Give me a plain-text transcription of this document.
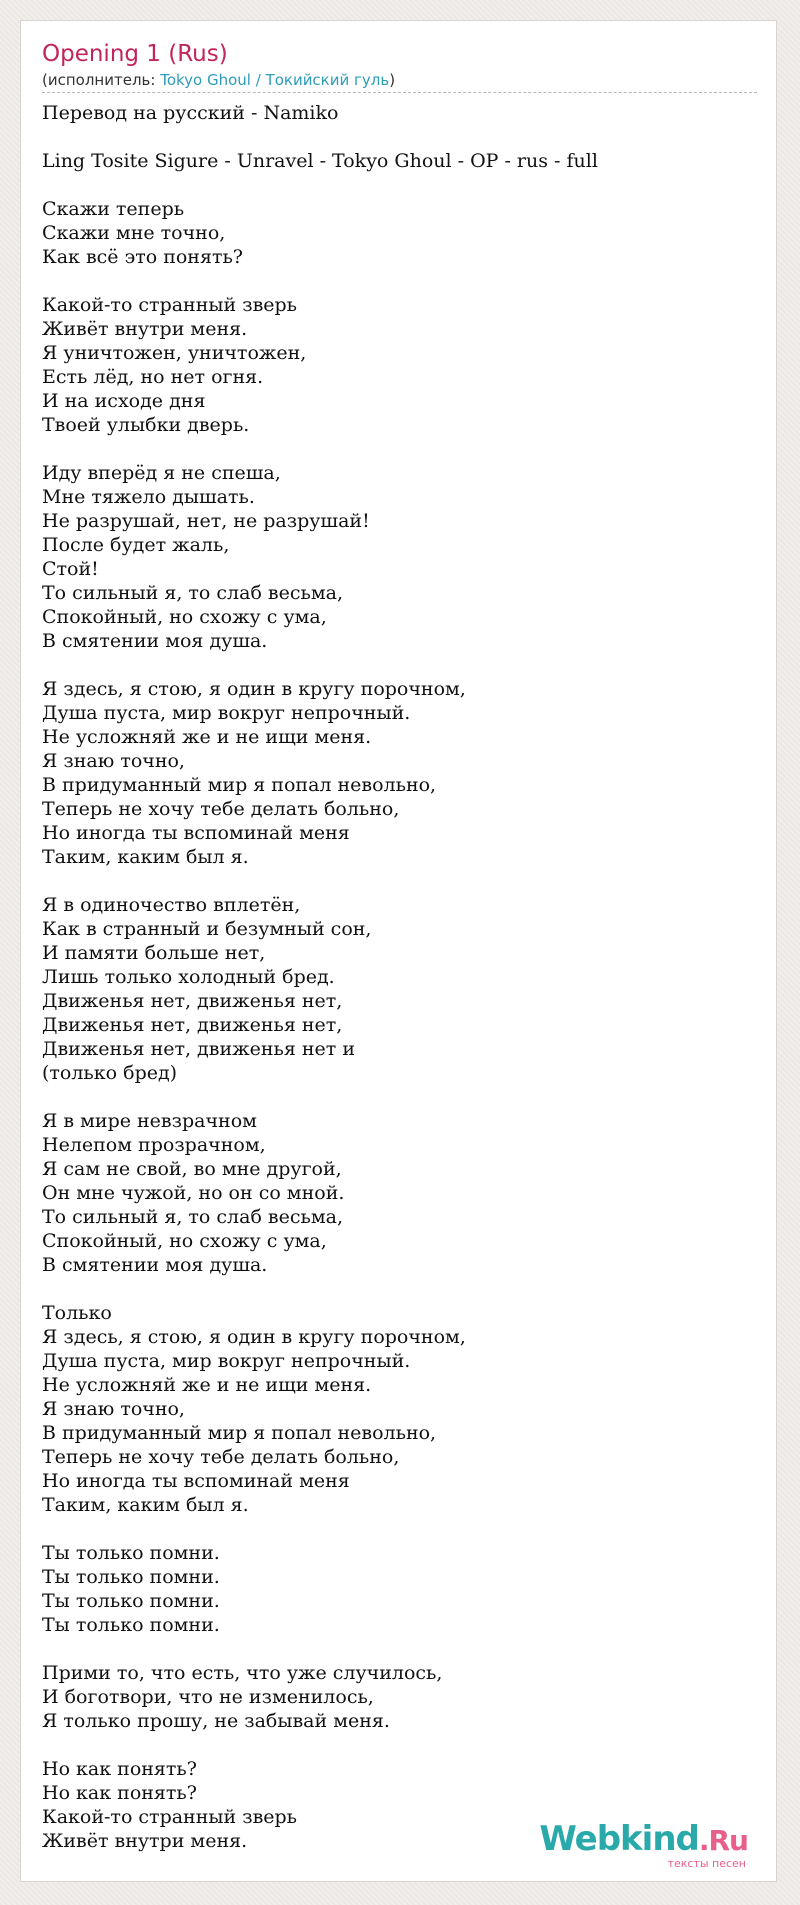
Opening 1 (Rus)
(исполнитель: Tokyo Ghoul / Токийский гуль)
Перевод на русский - Namiko

Ling Tosite Sigure - Unravel - Tokyo Ghoul - OP - rus - full

Скажи теперь
Скажи мне точно,
Как всё это понять?

Какой-то странный зверь
Живёт внутри меня.
Я уничтожен, уничтожен,
Есть лёд, но нет огня.
И на исходе дня
Твоей улыбки дверь.

Иду вперёд я не спеша,
Мне тяжело дышать.
Не разрушай, нет, не разрушай!
После будет жаль,
Стой!
То сильный я, то слаб весьма,
Спокойный, но схожу с ума,
В смятении моя душа.

Я здесь, я стою, я один в кругу порочном,
Душа пуста, мир вокруг непрочный.
Не усложняй же и не ищи меня.
Я знаю точно,
В придуманный мир я попал невольно,
Теперь не хочу тебе делать больно,
Но иногда ты вспоминай меня
Таким, каким был я.

Я в одиночество вплетён,
Как в странный и безумный сон,
И памяти больше нет,
Лишь только холодный бред.
Движенья нет, движенья нет,
Движенья нет, движенья нет,
Движенья нет, движенья нет и
(только бред)

Я в мире невзрачном
Нелепом прозрачном,
Я сам не свой, во мне другой,
Он мне чужой, но он со мной.
То сильный я, то слаб весьма,
Спокойный, но схожу с ума,
В смятении моя душа.

Только
Я здесь, я стою, я один в кругу порочном,
Душа пуста, мир вокруг непрочный.
Не усложняй же и не ищи меня.
Я знаю точно,
В придуманный мир я попал невольно,
Теперь не хочу тебе делать больно,
Но иногда ты вспоминай меня
Таким, каким был я.

Ты только помни.
Ты только помни.
Ты только помни.
Ты только помни.

Прими то, что есть, что уже случилось,
И боготвори, что не изменилось,
Я только прошу, не забывай меня.

Но как понять?
Но как понять?
Какой-то странный зверь
Живёт внутри меня.	Webkind.Ru
тексты песен
